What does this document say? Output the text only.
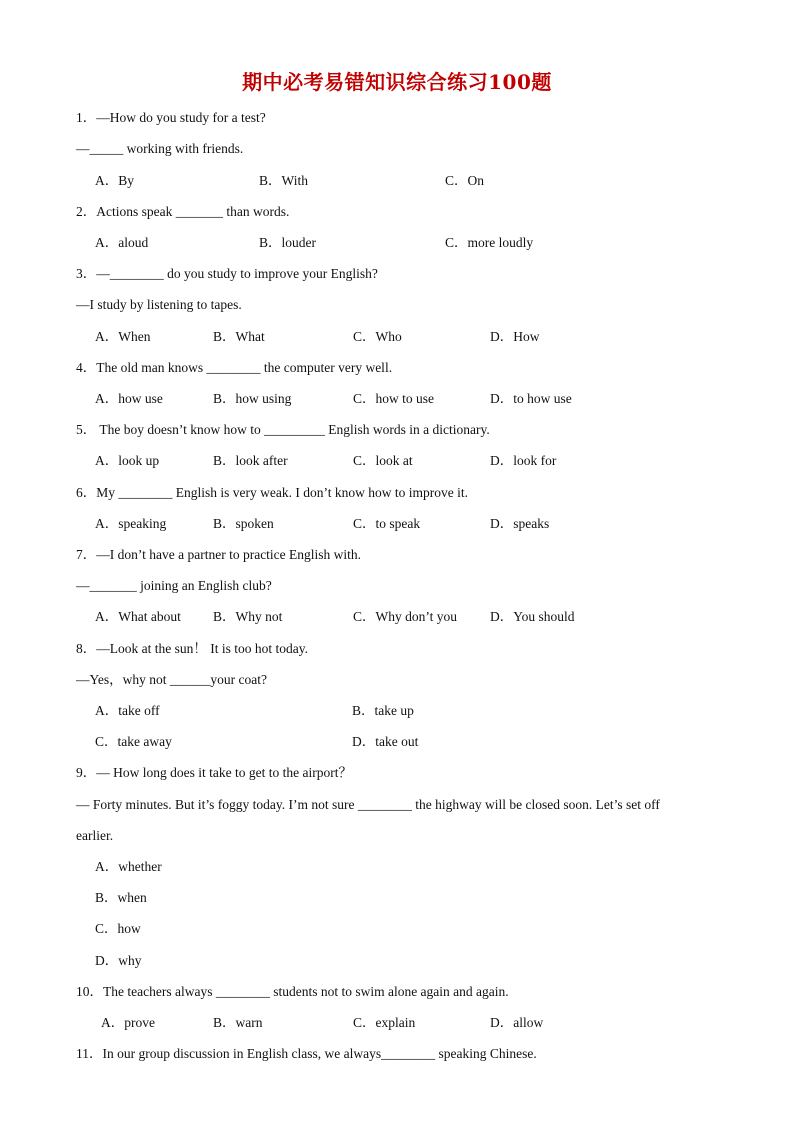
期中必考易错知识综合练习100题
1．—How do you study for a test?
—_____ working with friends.
A．By	B．With	C．On
2．Actions speak _______ than words.
A．aloud	B．louder	C．more loudly
3．—________ do you study to improve your English?
—I study by listening to tapes.
A．When	B．What	C．Who	D．How
4．The old man knows ________ the computer very well.
A．how use	B．how using	C．how to use	D．to how use
5． The boy doesn’t know how to _________ English words in a dictionary.
A．look up	B．look after	C．look at	D．look for
6．My ________ English is very weak. I don’t know how to improve it.
A．speaking	B．spoken	C．to speak	D．speaks
7．—I don’t have a partner to practice English with.
—_______ joining an English club?
A．What about B．Why not	C．Why don’t you D．You should
8．—Look at the sun！ It is too hot today.
—Yes，why not ______your coat?
A．take off	B．take up
C．take away	D．take out
9．— How long does it take to get to the airport？
— Forty minutes. But it’s foggy today. I’m not sure ________ the highway will be closed soon. Let’s set off
earlier.
A．whether
B．when
C．how
D．why
10．The teachers always ________ students not to swim alone again and again.
A．prove	B．warn	C．explain	D．allow
11．In our group discussion in English class, we always________ speaking Chinese.
